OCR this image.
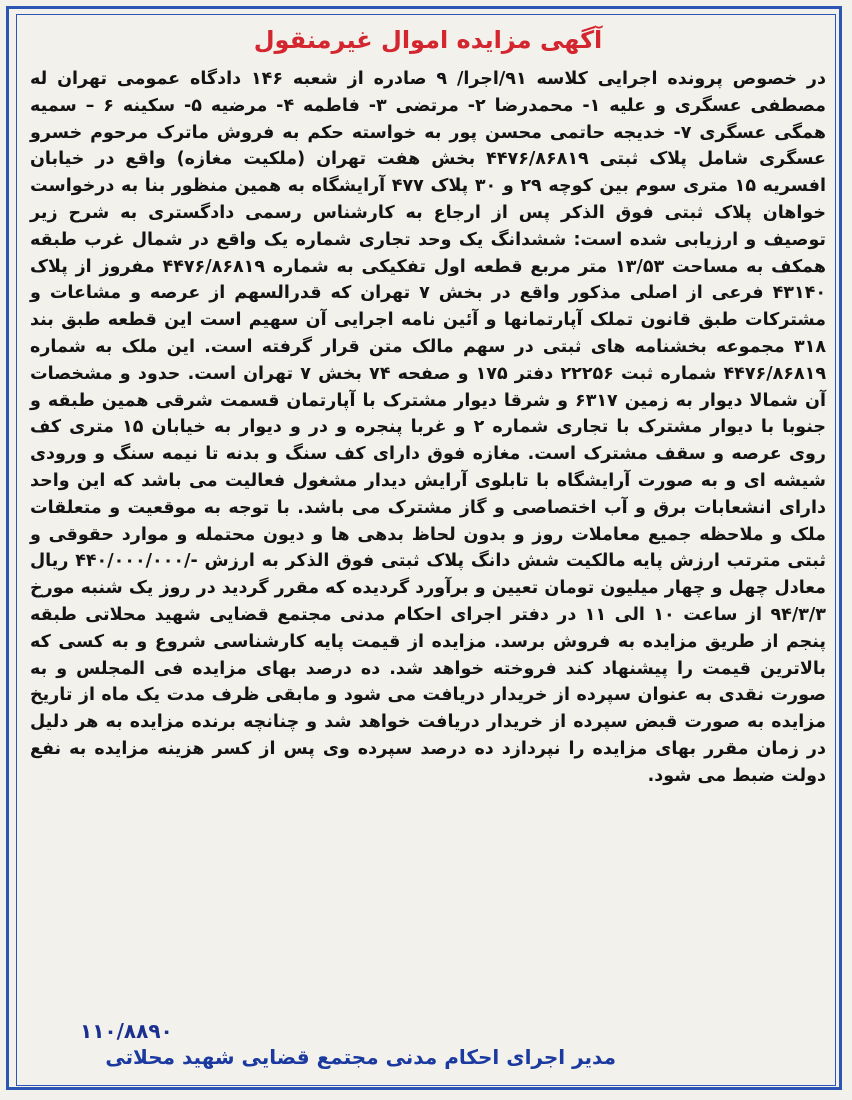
آگهی مزایده اموال غیرمنقول

در خصوص پرونده اجرایی کلاسه ۹۱/اجرا/ ۹ صادره از شعبه ۱۴۶ دادگاه عمومی تهران له مصطفی عسگری و علیه ۱- محمدرضا ۲- مرتضی ۳- فاطمه ۴- مرضیه ۵- سکینه ۶ – سمیه همگی عسگری ۷- خدیجه حاتمی محسن پور به خواسته حکم به فروش ماترک مرحوم خسرو عسگری شامل پلاک ثبتی ۴۴۷۶/۸۶۸۱۹ بخش هفت تهران (ملکیت مغازه) واقع در خیابان افسریه ۱۵ متری سوم بین کوچه ۲۹ و ۳۰ پلاک ۴۷۷ آرایشگاه به همین منظور بنا به درخواست خواهان پلاک ثبتی فوق الذکر پس از ارجاع به کارشناس رسمی دادگستری به شرح زیر توصیف و ارزیابی شده است: ششدانگ یک وحد تجاری شماره یک واقع در شمال غرب طبقه همکف به مساحت ۱۳/۵۳ متر مربع قطعه اول تفکیکی به شماره ۴۴۷۶/۸۶۸۱۹ مفروز از پلاک ۴۳۱۴۰ فرعی از اصلی مذکور واقع در بخش ۷ تهران که قدرالسهم از عرصه و مشاعات و مشترکات طبق قانون تملک آپارتمانها و آئین نامه اجرایی آن سهیم است این قطعه طبق بند ۳۱۸ مجموعه بخشنامه های ثبتی در سهم مالک متن قرار گرفته است. این ملک به شماره ۴۴۷۶/۸۶۸۱۹ شماره ثبت ۲۲۲۵۶ دفتر ۱۷۵ و صفحه ۷۴ بخش ۷ تهران است. حدود و مشخصات آن شمالا دیوار به زمین ۶۳۱۷ و شرقا دیوار مشترک با آپارتمان قسمت شرقی همین طبقه و جنوبا با دیوار مشترک با تجاری شماره ۲ و غربا پنجره و در و دیوار به خیابان ۱۵ متری کف روی عرصه و سقف مشترک است. مغازه فوق دارای کف سنگ و بدنه تا نیمه سنگ و ورودی شیشه ای و به صورت آرایشگاه با تابلوی آرایش دیدار مشغول فعالیت می باشد که این واحد دارای انشعابات برق و آب اختصاصی و گاز مشترک می باشد. با توجه به موقعیت و متعلقات ملک و ملاحظه جمیع معاملات روز و بدون لحاظ بدهی ها و دیون محتمله و موارد حقوقی و ثبتی مترتب ارزش پایه مالکیت شش دانگ پلاک ثبتی فوق الذکر به ارزش -/۴۴۰/۰۰۰/۰۰۰ ریال معادل چهل و چهار میلیون تومان تعیین و برآورد گردیده که مقرر گردید در روز یک شنبه مورخ ۹۴/۳/۳ از ساعت ۱۰ الی ۱۱ در دفتر اجرای احکام مدنی مجتمع قضایی شهید محلاتی طبقه پنجم از طریق مزایده به فروش برسد. مزایده از قیمت پایه کارشناسی شروع و به کسی که بالاترین قیمت را پیشنهاد کند فروخته خواهد شد. ده درصد بهای مزایده فی المجلس و به صورت نقدی به عنوان سپرده از خریدار دریافت می شود و مابقی ظرف مدت یک ماه از تاریخ مزایده به صورت قبض سپرده از خریدار دریافت خواهد شد و چنانچه برنده مزایده به هر دلیل در زمان مقرر بهای مزایده را نپردازد ده درصد سپرده وی پس از کسر هزینه مزایده به نفع دولت ضبط می شود.

۱۱۰/۸۸۹۰
مدیر اجرای احکام مدنی مجتمع قضایی شهید محلاتی
